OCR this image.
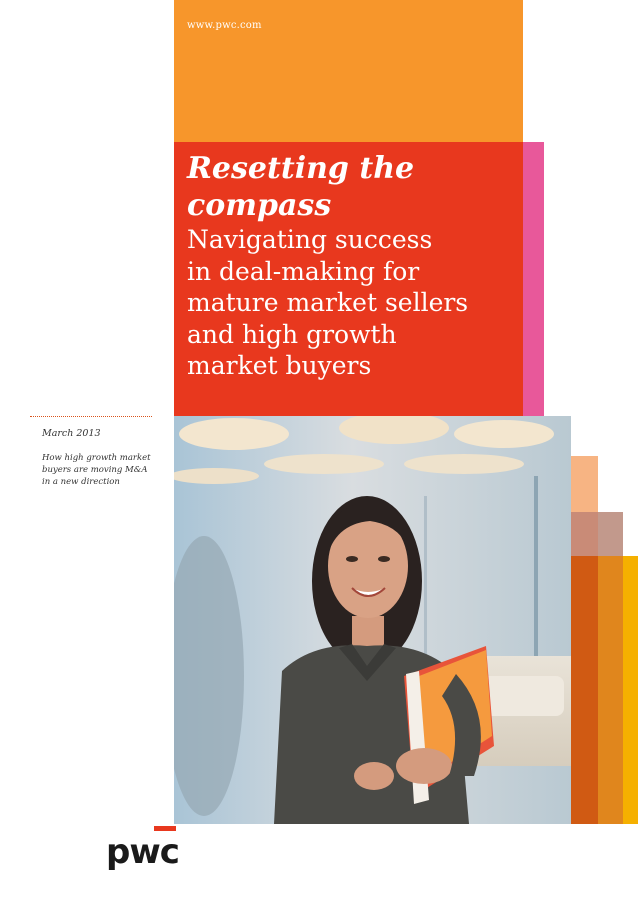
www.pwc.com
Resetting the
compass
Navigating success
in deal-making for
mature market sellers
and high growth
market buyers
March 2013
How high growth market
buyers are moving M&A
in a new direction
pwc
